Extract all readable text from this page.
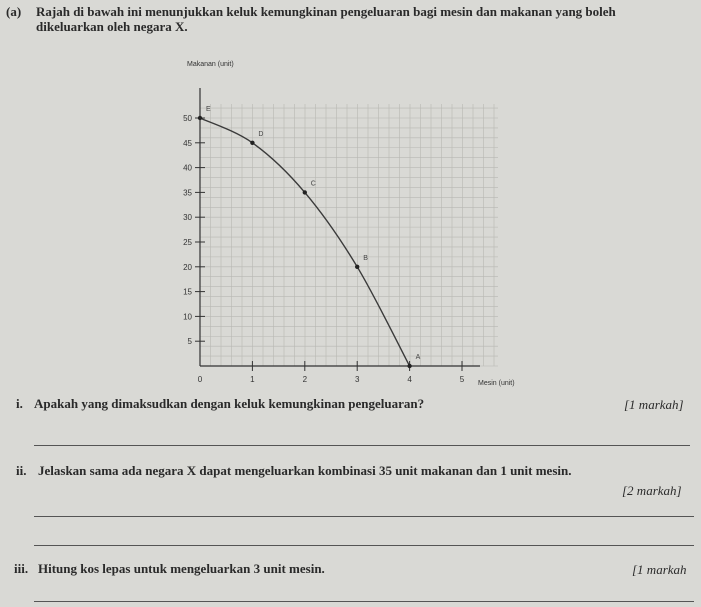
(a) Rajah di bawah ini menunjukkan keluk kemungkinan pengeluaran bagi mesin dan makanan yang boleh
dikeluarkan oleh negara X.
5
10
15
20
25
30
35
40
45
50
0	1	2	3	4	5
E
D
C
B
A
Makanan (unit)
Mesin (unit)
i. Apakah yang dimaksudkan dengan keluk kemungkinan pengeluaran?	[1 markah]
ii. Jelaskan sama ada negara X dapat mengeluarkan kombinasi 35 unit makanan dan 1 unit mesin.
[2 markah]
iii. Hitung kos lepas untuk mengeluarkan 3 unit mesin.	[1 markah
